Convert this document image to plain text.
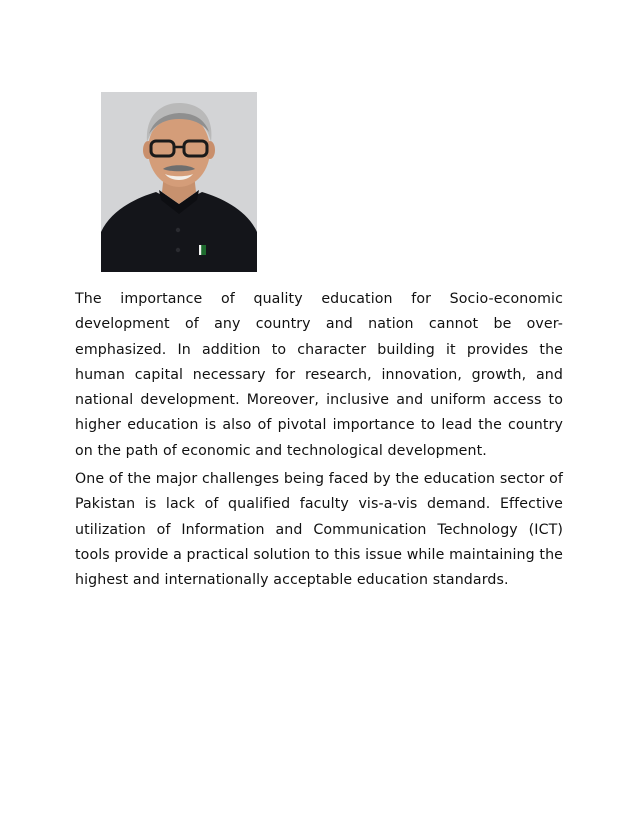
The importance of quality education for Socio-economic development of any country and nation cannot be over-emphasized. In addition to character building it provides the human capital necessary for research, innovation, growth, and national development. Moreover, inclusive and uniform access to higher education is also of pivotal importance to lead the country on the path of economic and technological development.

One of the major challenges being faced by the education sector of Pakistan is lack of qualified faculty vis-a-vis demand. Effective utilization of Information and Communication Technology (ICT) tools provide a practical solution to this issue while maintaining the highest and internationally acceptable education standards.
